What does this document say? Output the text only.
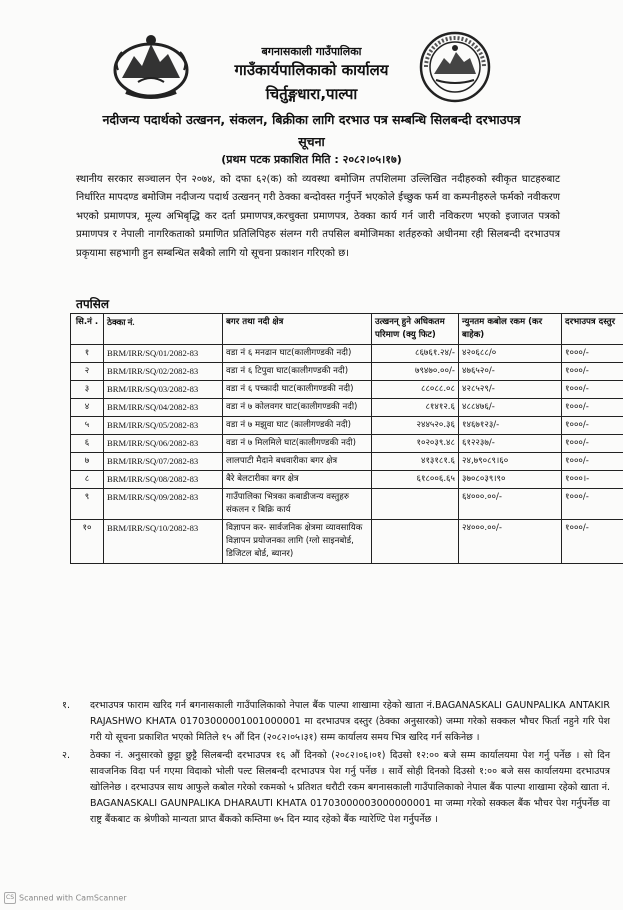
बगनासकाली गाउँपालिका
गाउँकार्यपालिकाको कार्यालय
चिर्तुङ्गधारा,पाल्पा
नदीजन्य पदार्थको उत्खनन, संकलन, बिक्रीका लागि दरभाउ पत्र सम्बन्धि सिलबन्दी दरभाउपत्र
सूचना
(प्रथम पटक प्रकाशित मिति : २०८२।०५।१७)
स्थानीय सरकार सञ्चालन ऐन २०७४, को दफा ६२(क) को व्यवस्था बमोजिम तपशिलमा उल्लिखित नदीहरुको स्वीकृत घाटहरुबाट निर्धारित मापदण्ड बमोजिम नदीजन्य पदार्थ उत्खनन् गरी ठेक्का बन्दोवस्त गर्नुपर्ने भएकोले ईच्छुक फर्म वा कम्पनीहरुले फर्मको नवीकरण भएको प्रमाणपत्र, मूल्य अभिबृद्धि कर दर्ता प्रमाणपत्र,करचुक्ता प्रमाणपत्र, ठेक्का कार्य गर्न जारी नविकरण भएको इजाजत पत्रको प्रमाणपत्र र नेपाली नागरिकताको प्रमाणित प्रतिलिपिहरु संलग्न गरी तपसिल बमोजिमका शर्तहरुको अधीनमा रही सिलबन्दी दरभाउपत्र प्रकृयामा सहभागी हुन सम्बन्धित सबैको लागि यो सूचना प्रकाशन गरिएको छ।
तपसिल
सि.नं .	ठेक्का नं.	बगर तथा नदी क्षेत्र	उत्खनन् हुने अधिकतम परिमाण (क्यु फिट)	न्युनतम कबोल रकम (कर बाहेक)	दरभाउपत्र दस्तुर
१	BRM/IRR/SQ/01/2082-83	वडा नं ६ मनढान घाट(कालीगण्डकी नदी)	८६७६१.२४/-	४२०६८८/०	१०००/-
२	BRM/IRR/SQ/02/2082-83	वडा नं ६ टिपुवा घाट(कालीगण्डकी नदी)	७९४७०.००/-	४७६५२०/-	१०००/-
३	BRM/IRR/SQ/03/2082-83	वडा नं ६ पच्कादी घाट(कालीगण्डकी नदी)	८८०८८.०८	४२८५२९/-	१०००/-
४	BRM/IRR/SQ/04/2082-83	वडा नं ७ कोलवगर घाट(कालीगण्डकी नदी)	८१४१२.६	४८८४७६/-	१०००/-
५	BRM/IRR/SQ/05/2082-83	वडा नं ७ मझुवा घाट (कालीगण्डकी नदी)	२४४५२०.३६	१४६७१२३/-	१०००/-
६	BRM/IRR/SQ/06/2082-83	वडा नं ७ मिलमिले घाट(कालीगण्डकी नदी)	१०२०३९.४८	६१२२३७/-	१०००/-
७	BRM/IRR/SQ/07/2082-83	लालपाटी मैदाने बधवारीका बगर क्षेत्र	४१३१८१.६	२४,७९०८९।६०	१०००/-
८	BRM/IRR/SQ/08/2082-83	बैरे बेलटारीका बगर क्षेत्र	६१८००६.६५	३७०८०३९।९०	१०००।-
९	BRM/IRR/SQ/09/2082-83	गाउँपालिका भित्रका कबाडीजन्य वस्तुहरु संकलन र बिक्रि कार्य		६४०००.००/-	१०००/-
१०	BRM/IRR/SQ/10/2082-83	विज्ञापन कर- सार्वजनिक क्षेत्रमा व्यावसायिक विज्ञापन प्रयोजनका लागि (ग्लो साइनबोर्ड, डिजिटल बोर्ड, ब्यानर)		२४०००.००/-	१०००/-
१.	दरभाउपत्र फाराम खरिद गर्न बगनासकाली गाउँपालिकाको नेपाल बैंक पाल्पा शाखामा रहेको खाता नं.BAGANASKALI GAUNPALIKA ANTAKIR RAJASHWO KHATA 01703000001001000001 मा दरभाउपत्र दस्तुर (ठेक्का अनुसारको) जम्मा गरेको सक्कल भौचर फिर्ता नहुने गरि पेश गरी यो सूचना प्रकाशित भएको मितिले १५ औं दिन (२०८२।०५।३१) सम्म कार्यालय समय भित्र खरिद गर्न सकिनेछ ।
२.	ठेक्का नं. अनुसारको छुट्टा छुट्टै सिलबन्दी दरभाउपत्र १६ औं दिनको (२०८२।०६।०१) दिउसो १२:०० बजे सम्म कार्यालयमा पेश गर्नु पर्नेछ । सो दिन सावजनिक विदा पर्न गएमा विदाको भोली पल्ट सिलबन्दी दरभाउपत्र पेश गर्नु पर्नेछ । सार्वे सोही दिनको दिउसो १:०० बजे सस कार्यालयमा दरभाउपत्र खोलिनेछ । दरभाउपत्र साथ आफुले कबोल गरेको रकमको ५ प्रतिशत धरौटी रकम बगनासकाली गाउँपालिकाको नेपाल बैंक पाल्पा शाखामा रहेको खाता नं. BAGANASKALI GAUNPALIKA DHARAUTI KHATA 01703000003000000001 मा जम्मा गरेको सक्कल बैंक भौचर पेश गर्नुपर्नेछ वा राष्ट्र बैंकबाट क श्रेणीको मान्यता प्राप्त बैंकको कम्तिमा ७५ दिन म्याद रहेको बैंक ग्यारेण्टि पेश गर्नुपर्नेछ ।
CS Scanned with CamScanner
